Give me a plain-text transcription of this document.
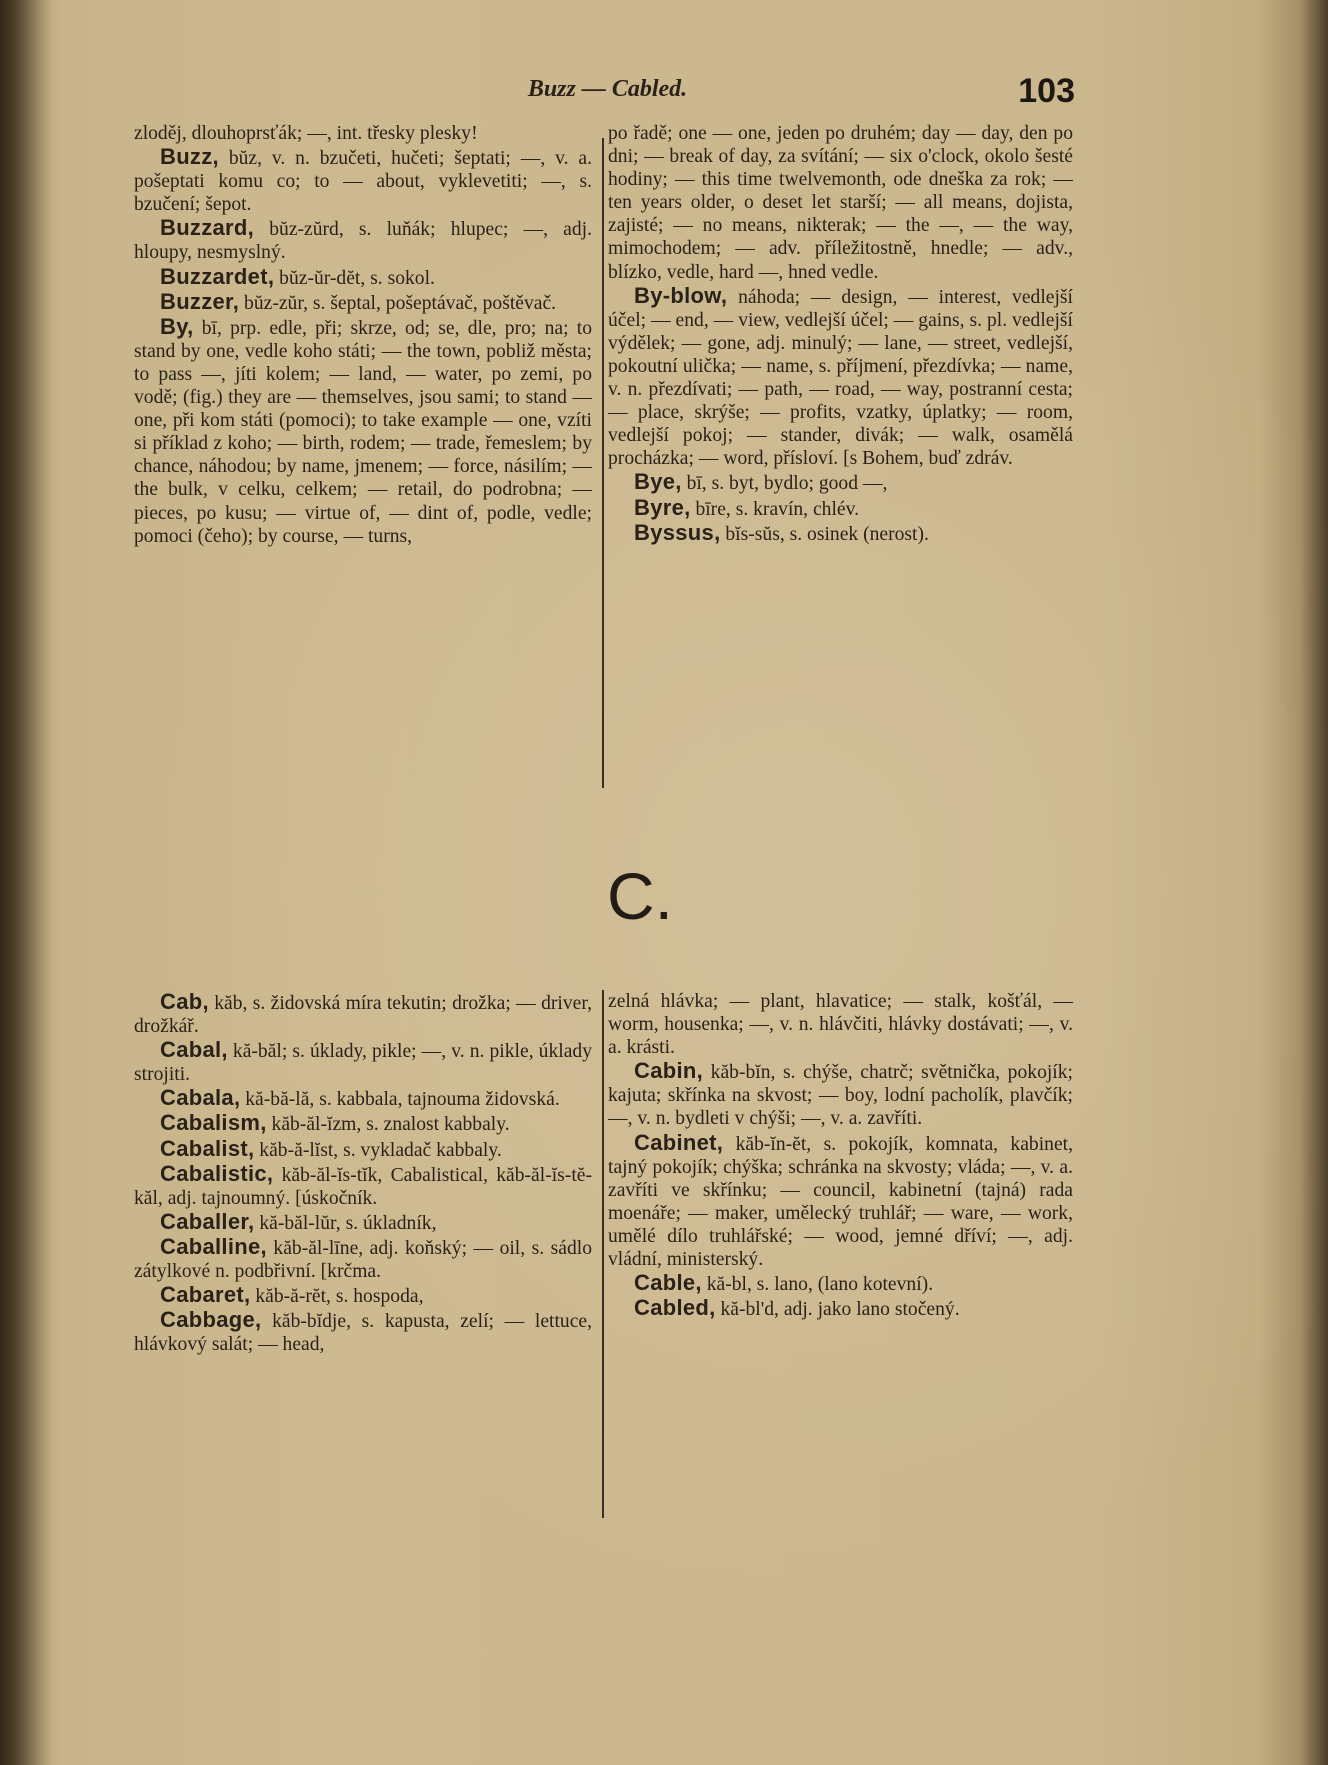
Buzz — Cabled.	103

zloděj, dlouhoprsťák; —, int. třesky plesky!

Buzz, bŭz, v. n. bzučeti, hučeti; šeptati; —, v. a. pošeptati komu co; to — about, vyklevetiti; —, s. bzučení; šepot.

Buzzard, bŭz-zŭrd, s. luňák; hlupec; —, adj. hloupy, nesmyslný.

Buzzardet, bŭz-ŭr-dĕt, s. sokol.

Buzzer, bŭz-zŭr, s. šeptal, pošeptávač, poštěvač.

By, bī, prp. edle, při; skrze, od; se, dle, pro; na; to stand by one, vedle koho státi; — the town, pobliž města; to pass —, jíti kolem; — land, — water, po zemi, po vodě; (fig.) they are — themselves, jsou sami; to stand — one, při kom státi (pomoci); to take example — one, vzíti si příklad z koho; — birth, rodem; — trade, řemeslem; by chance, náhodou; by name, jmenem; — force, násilím; — the bulk, v celku, celkem; — retail, do podrobna; — pieces, po kusu; — virtue of, — dint of, podle, vedle; pomoci (čeho); by course, — turns,

po řadě; one — one, jeden po druhém; day — day, den po dni; — break of day, za svítání; — six o'clock, okolo šesté hodiny; — this time twelvemonth, ode dneška za rok; — ten years older, o deset let starší; — all means, dojista, zajisté; — no means, nikterak; — the —, — the way, mimochodem; — adv. příležitostně, hnedle; — adv., blízko, vedle, hard —, hned vedle.

By-blow, náhoda; — design, — interest, vedlejší účel; — end, — view, vedlejší účel; — gains, s. pl. vedlejší výdělek; — gone, adj. minulý; — lane, — street, vedlejší, pokoutní ulička; — name, s. příjmení, přezdívka; — name, v. n. přezdívati; — path, — road, — way, postranní cesta; — place, skrýše; — profits, vzatky, úplatky; — room, vedlejší pokoj; — stander, divák; — walk, osamělá procházka; — word, přísloví. [s Bohem, buď zdráv.

Bye, bī, s. byt, bydlo; good —,

Byre, bīre, s. kravín, chlév.

Byssus, bĭs-sŭs, s. osinek (nerost).

C.

Cab, kăb, s. židovská míra tekutin; drožka; — driver, drožkář.

Cabal, kă-băl; s. úklady, pikle; —, v. n. pikle, úklady strojiti.

Cabala, kă-bă-lă, s. kabbala, tajnouma židovská.

Cabalism, kăb-ăl-ĭzm, s. znalost kabbaly.

Cabalist, kăb-ă-lĭst, s. vykladač kabbaly.

Cabalistic, kăb-ăl-ĭs-tĭk, Cabalistical, kăb-ăl-ĭs-tĕ-kăl, adj. tajnoumný. [úskočník.

Caballer, kă-băl-lŭr, s. úkladník,

Caballine, kăb-ăl-līne, adj. koňský; — oil, s. sádlo zátylkové n. podbřivní. [krčma.

Cabaret, kăb-ă-rĕt, s. hospoda,

Cabbage, kăb-bĭdje, s. kapusta, zelí; — lettuce, hlávkový salát; — head,

zelná hlávka; — plant, hlavatice; — stalk, košťál, — worm, housenka; —, v. n. hlávčiti, hlávky dostávati; —, v. a. krásti.

Cabin, kăb-bĭn, s. chýše, chatrč; světnička, pokojík; kajuta; skřínka na skvost; — boy, lodní pacholík, plavčík; —, v. n. bydleti v chýši; —, v. a. zavříti.

Cabinet, kăb-ĭn-ĕt, s. pokojík, komnata, kabinet, tajný pokojík; chýška; schránka na skvosty; vláda; —, v. a. zavříti ve skřínku; — council, kabinetní (tajná) rada moenáře; — maker, umělecký truhlář; — ware, — work, umělé dílo truhlářské; — wood, jemné dříví; —, adj. vládní, ministerský.

Cable, kă-bl, s. lano, (lano kotevní).

Cabled, kă-bl'd, adj. jako lano stočený.
